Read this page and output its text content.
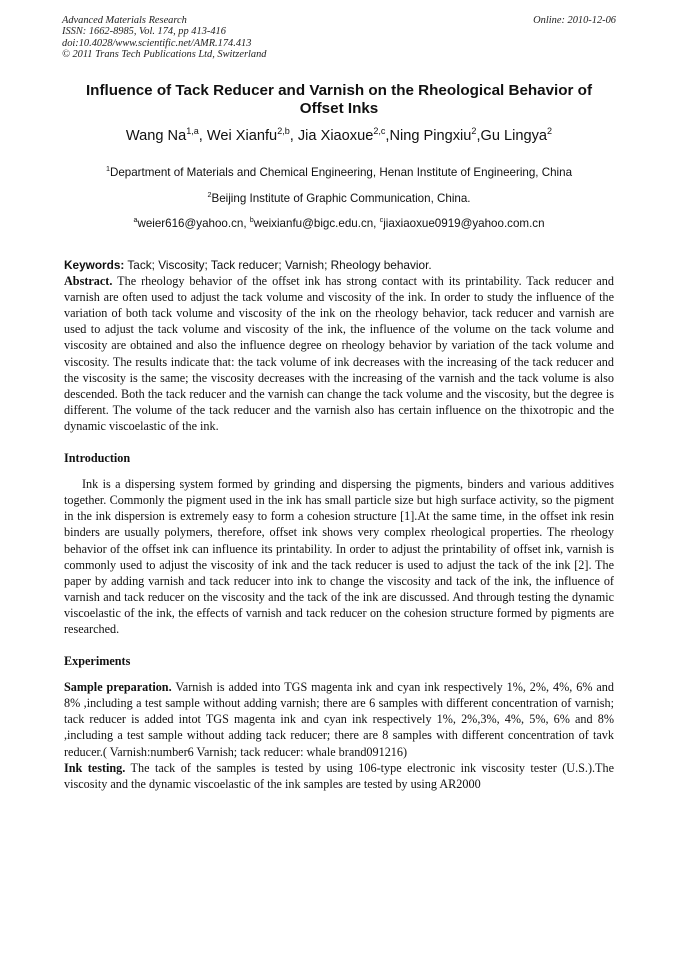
Advanced Materials Research
ISSN: 1662-8985, Vol. 174, pp 413-416
doi:10.4028/www.scientific.net/AMR.174.413
© 2011 Trans Tech Publications Ltd, Switzerland
Online: 2010-12-06
Influence of Tack Reducer and Varnish on the Rheological Behavior of Offset Inks
Wang Na$^{1,a}$, Wei Xianfu$^{2,b}$, Jia Xiaoxue$^{2,c}$,Ning Pingxiu$^2$,Gu Lingya$^2$
$^1$Department of Materials and Chemical Engineering, Henan Institute of Engineering, China
$^2$Beijing Institute of Graphic Communication, China.
$^a$weier616@yahoo.cn, $^b$weixianfu@bigc.edu.cn, $^c$jiaxiaoxue0919@yahoo.com.cn

Keywords: Tack; Viscosity; Tack reducer; Varnish; Rheology behavior.

Abstract. The rheology behavior of the offset ink has strong contact with its printability. Tack reducer and varnish are often used to adjust the tack volume and viscosity of the ink. In order to study the influence of the variation of both tack volume and viscosity of the ink on the rheology behavior, tack reducer and varnish are used to adjust the tack volume and viscosity of the ink, the influence of the volume on the tack volume and viscosity are obtained and also the influence degree on rheology behavior by variation of the tack volume and viscosity. The results indicate that: the tack volume of ink decreases with the increasing of the tack reducer and the viscosity is the same; the viscosity decreases with the increasing of the varnish and the tack volume is also descended. Both the tack reducer and the varnish can change the tack volume and the viscosity, but the degree is different. The volume of the tack reducer and the varnish also has certain influence on the thixotropic and the dynamic viscoelastic of the ink.

Introduction

Ink is a dispersing system formed by grinding and dispersing the pigments, binders and various additives together. Commonly the pigment used in the ink has small particle size but high surface activity, so the pigment in the ink dispersion is extremely easy to form a cohesion structure [1].At the same time, in the offset ink resin binders are usually polymers, therefore, offset ink shows very complex rheological properties. The rheology behavior of the offset ink can influence its printability. In order to adjust the printability of offset ink, varnish is commonly used to adjust the viscosity of ink and the tack reducer is used to adjust the tack of the ink [2]. The paper by adding varnish and tack reducer into ink to change the viscosity and tack of the ink, the influence of varnish and tack reducer on the viscosity and the tack of the ink are discussed. And through testing the dynamic viscoelastic of the ink, the effects of varnish and tack reducer on the cohesion structure formed by pigments are researched.

Experiments

Sample preparation. Varnish is added into TGS magenta ink and cyan ink respectively 1%, 2%, 4%, 6% and 8% ,including a test sample without adding varnish; there are 6 samples with different concentration of varnish; tack reducer is added intot TGS magenta ink and cyan ink respectively 1%, 2%,3%, 4%, 5%, 6% and 8% ,including a test sample without adding tack reducer; there are 8 samples with different concentration of tavk reducer.( Varnish:number6 Varnish; tack reducer: whale brand091216)

Ink testing. The tack of the samples is tested by using 106-type electronic ink viscosity tester (U.S.).The viscosity and the dynamic viscoelastic of the ink samples are tested by using AR2000
